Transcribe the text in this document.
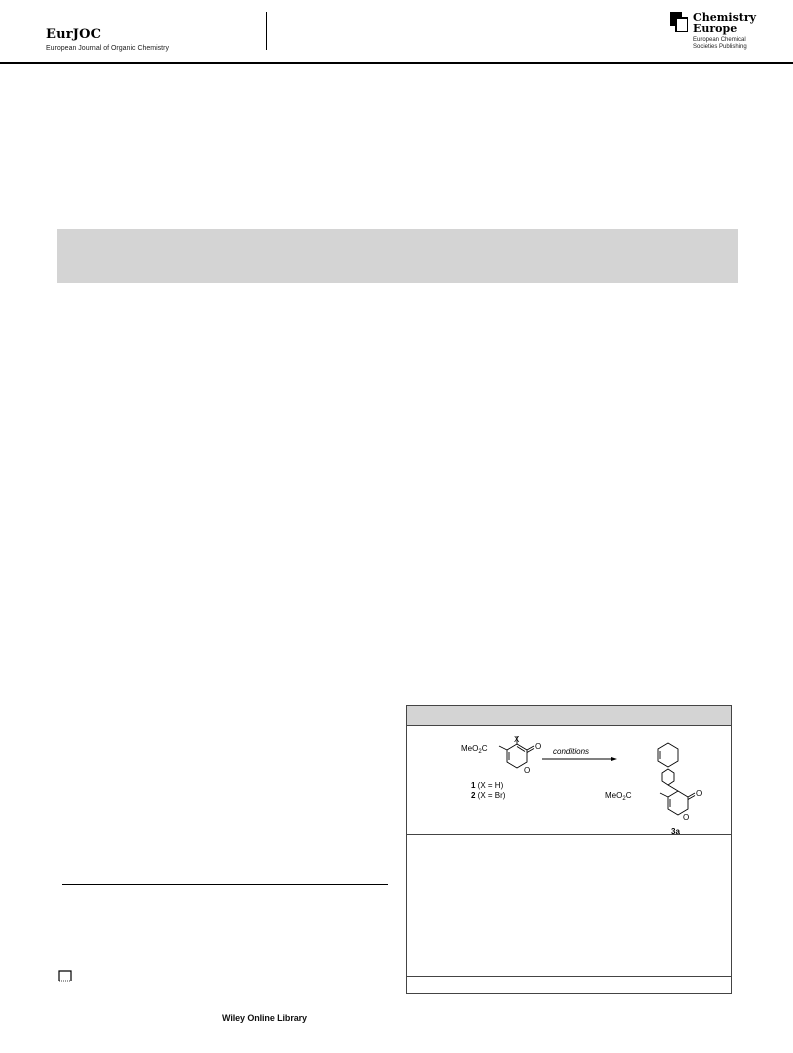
EurJOC
European Journal of Organic Chemistry
Chemistry
Europe
European Chemical
Societies Publishing
Wiley Online Library
X
O
O
MeO$_2$C
1 (X = H)
2 (X = Br)
conditions
O
O
MeO$_2$C
3a
